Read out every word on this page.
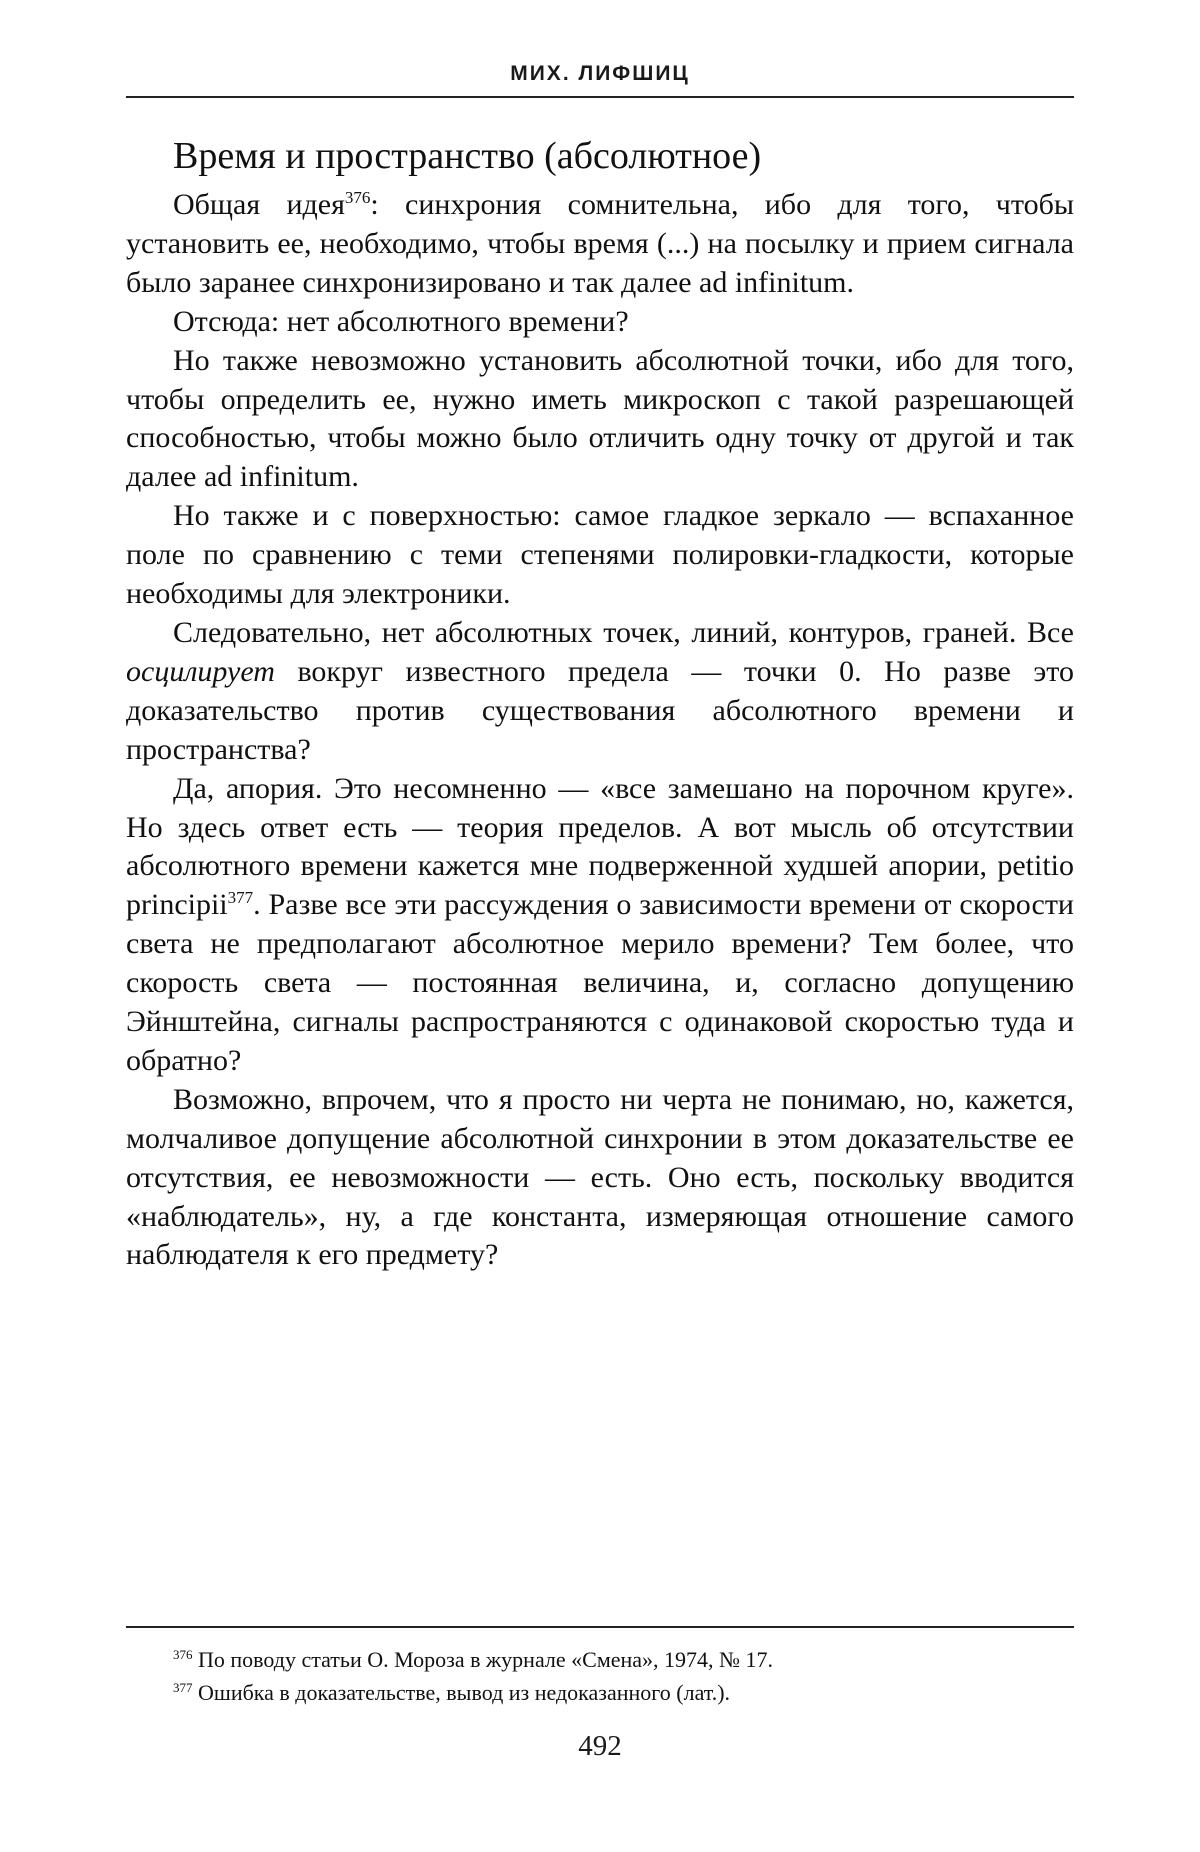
МИХ. ЛИФШИЦ
Время и пространство (абсолютное)

Общая идея$^{376}$: синхрония сомнительна, ибо для того, чтобы установить ее, необходимо, чтобы время (...) на посылку и прием сигнала было заранее синхронизировано и так далее ad infinitum.

Отсюда: нет абсолютного времени?

Но также невозможно установить абсолютной точки, ибо для того, чтобы определить ее, нужно иметь микроскоп с такой разрешающей способностью, чтобы можно было отличить одну точку от другой и так далее ad infinitum.

Но также и с поверхностью: самое гладкое зеркало — вспаханное поле по сравнению с теми степенями полировки-гладкости, которые необходимы для электроники.

Следовательно, нет абсолютных точек, линий, контуров, граней. Все осцилирует вокруг известного предела — точки 0. Но разве это доказательство против существования абсолютного времени и пространства?

Да, апория. Это несомненно — «все замешано на порочном круге». Но здесь ответ есть — теория пределов. А вот мысль об отсутствии абсолютного времени кажется мне подверженной худшей апории, petitio principii$^{377}$. Разве все эти рассуждения о зависимости времени от скорости света не предполагают абсолютное мерило времени? Тем более, что скорость света — постоянная величина, и, согласно допущению Эйнштейна, сигналы распространяются с одинаковой скоростью туда и обратно?

Возможно, впрочем, что я просто ни черта не понимаю, но, кажется, молчаливое допущение абсолютной синхронии в этом доказательстве ее отсутствия, ее невозможности — есть. Оно есть, поскольку вводится «наблюдатель», ну, а где константа, измеряющая отношение самого наблюдателя к его предмету?

$^{376}$ По поводу статьи О. Мороза в журнале «Смена», 1974, № 17.

$^{377}$ Ошибка в доказательстве, вывод из недоказанного (лат.).

492
